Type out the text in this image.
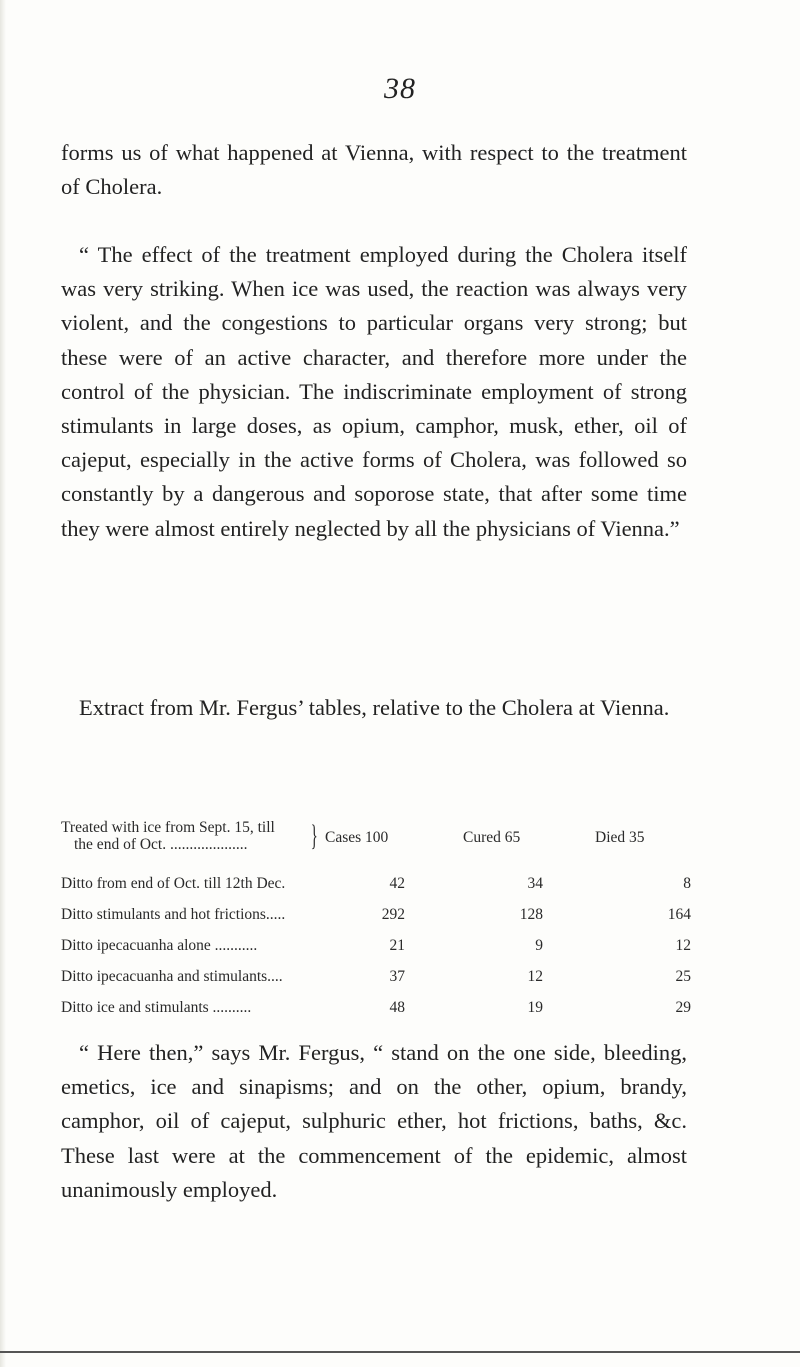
38

forms us of what happened at Vienna, with respect to the treatment of Cholera.

“ The effect of the treatment employed during the Cholera itself was very striking. When ice was used, the reaction was always very violent, and the congestions to particular organs very strong; but these were of an active character, and therefore more under the control of the physician. The indiscriminate employment of strong stimulants in large doses, as opium, camphor, musk, ether, oil of cajeput, especially in the active forms of Cholera, was followed so constantly by a dangerous and soporose state, that after some time they were almost entirely neglected by all the physicians of Vienna.”

Extract from Mr. Fergus’ tables, relative to the Cholera at Vienna.

Treated with ice from Sept. 15, till
the end of Oct. .................... } Cases 100	Cured 65	Died 35
Ditto from end of Oct. till 12th Dec.	42	34	8
Ditto stimulants and hot frictions.....	292	128	164
Ditto ipecacuanha alone ...........	21	9	12
Ditto ipecacuanha and stimulants....	37	12	25
Ditto ice and stimulants ..........	48	19	29

“ Here then,” says Mr. Fergus, “ stand on the one side, bleeding, emetics, ice and sinapisms; and on the other, opium, brandy, camphor, oil of cajeput, sulphuric ether, hot frictions, baths, &c. These last were at the commencement of the epidemic, almost unanimously employed.
